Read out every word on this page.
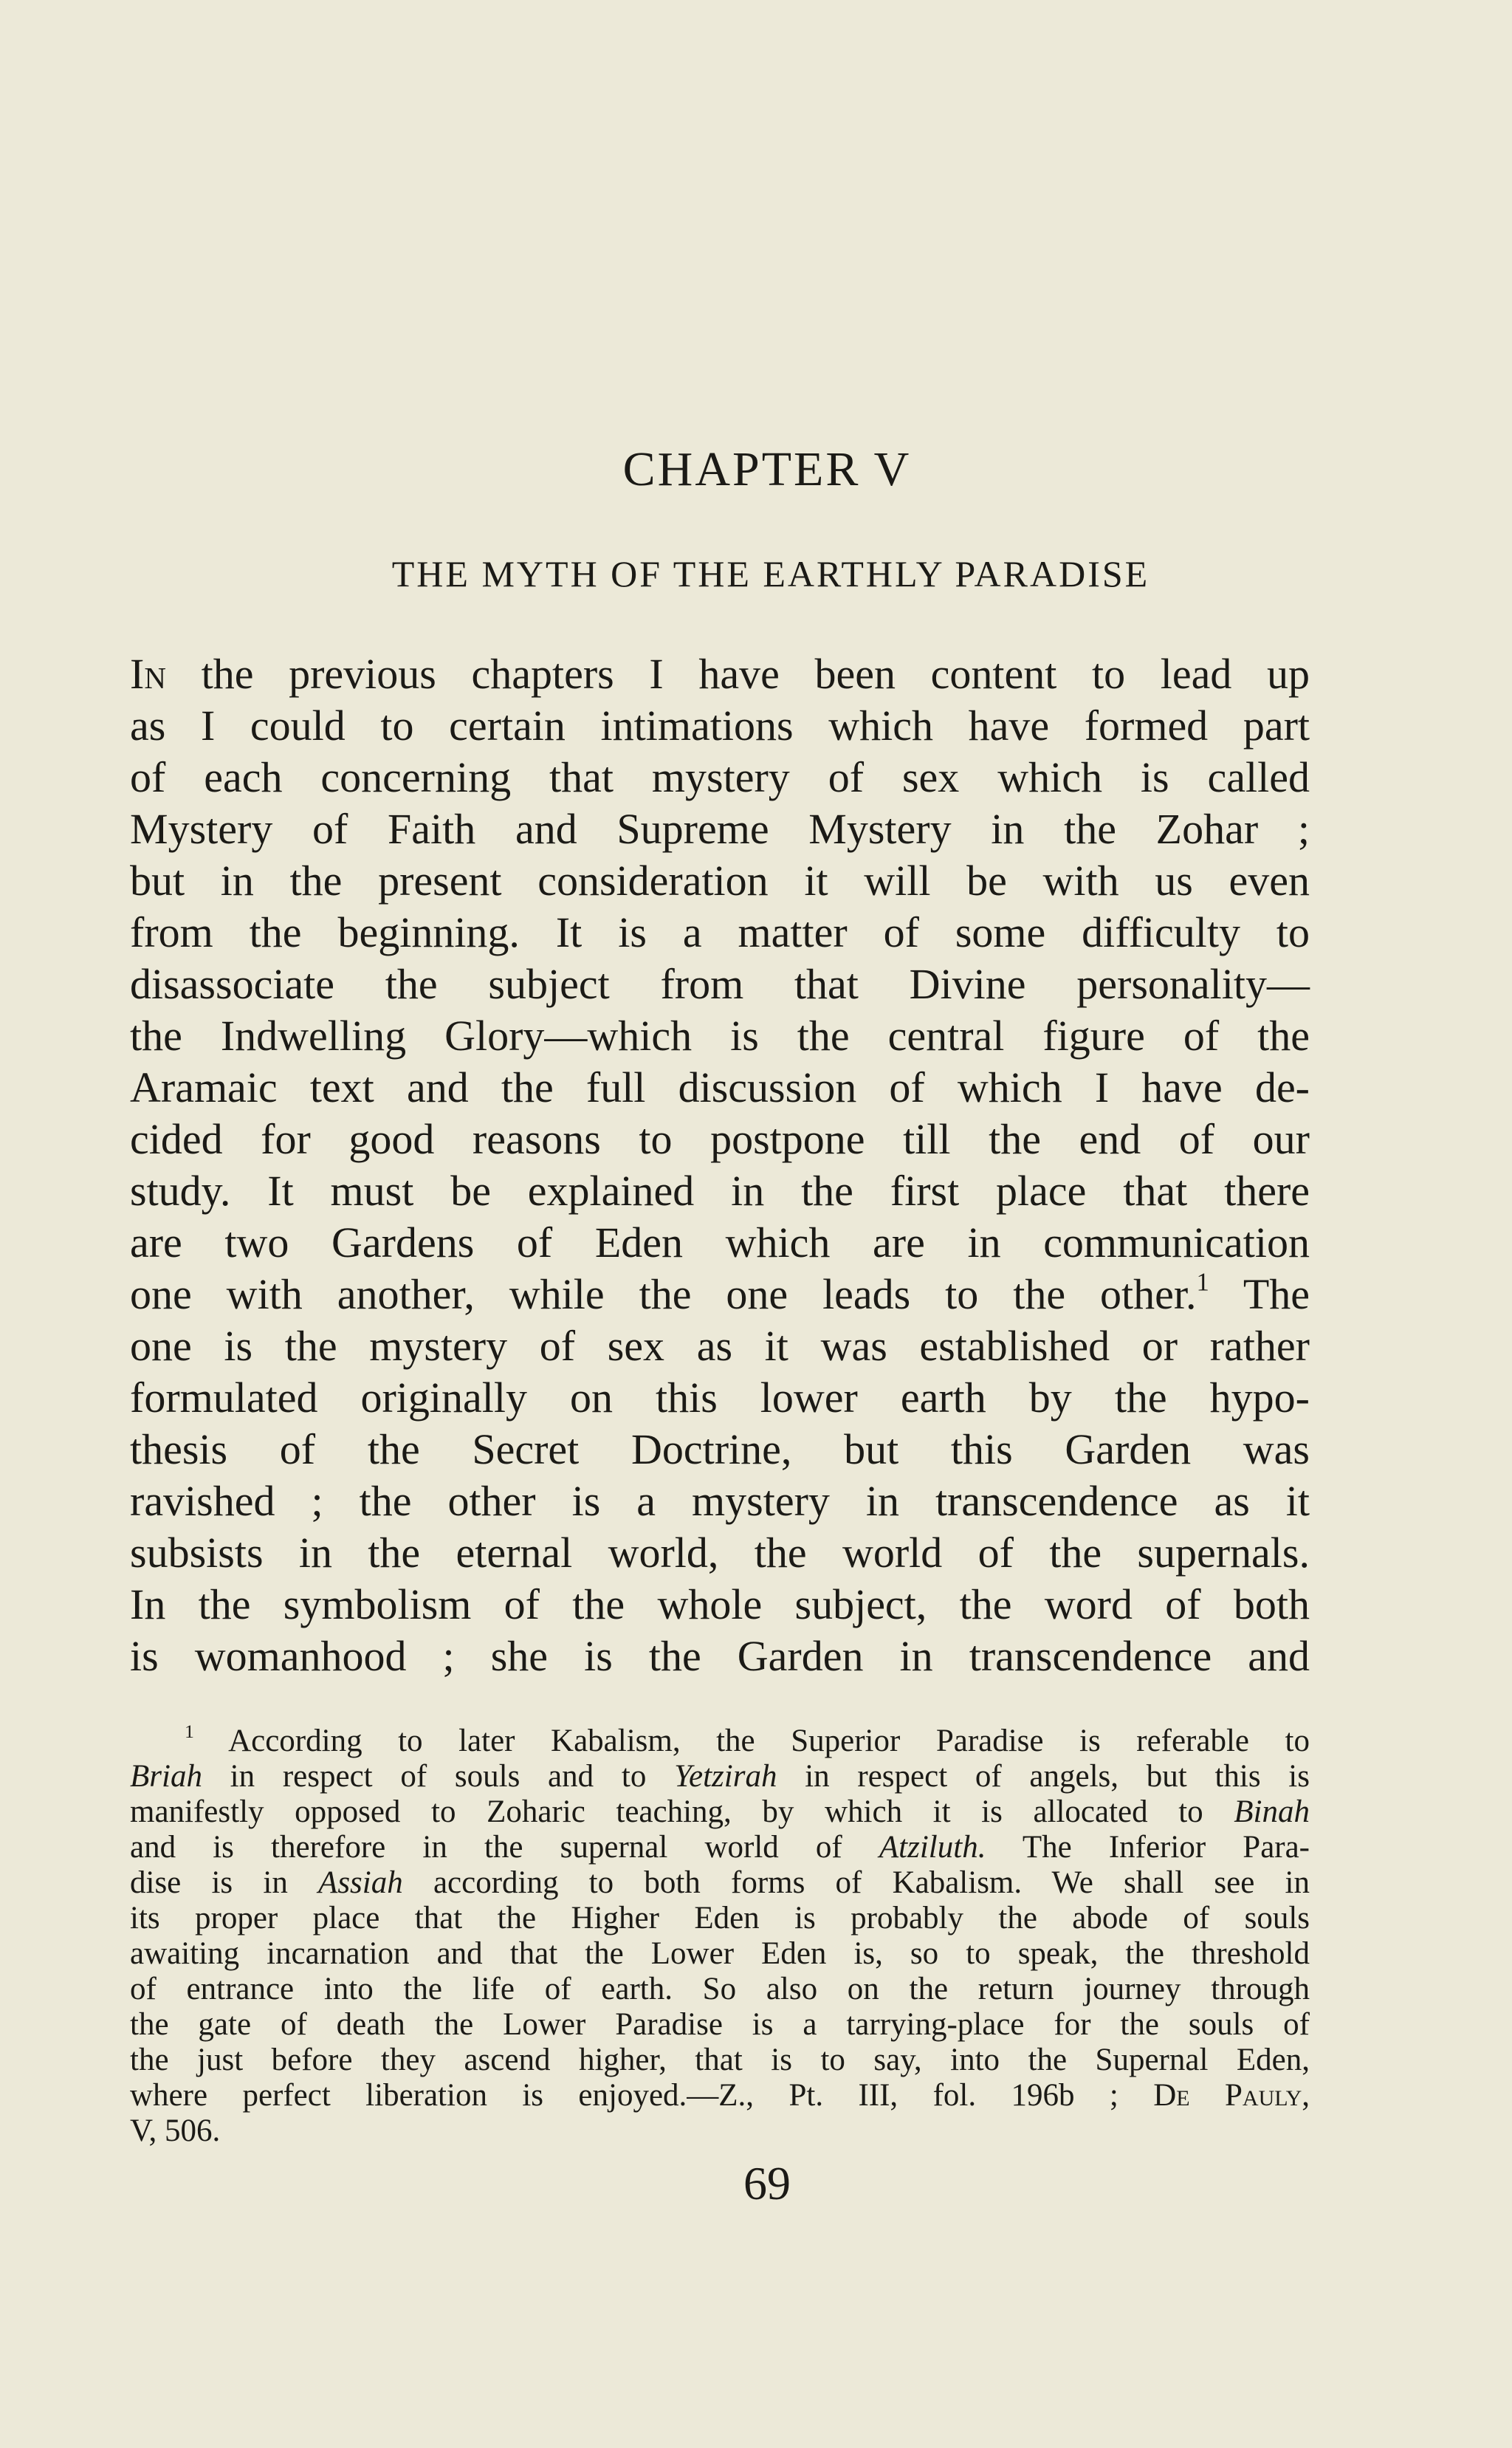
CHAPTER V
THE MYTH OF THE EARTHLY PARADISE
In the previous chapters I have been content to lead up
as I could to certain intimations which have formed part
of each concerning that mystery of sex which is called
Mystery of Faith and Supreme Mystery in the Zohar ;
but in the present consideration it will be with us even
from the beginning. It is a matter of some difficulty to
disassociate the subject from that Divine personality—
the Indwelling Glory—which is the central figure of the
Aramaic text and the full discussion of which I have de-
cided for good reasons to postpone till the end of our
study. It must be explained in the first place that there
are two Gardens of Eden which are in communication
one with another, while the one leads to the other.$^1$ The
one is the mystery of sex as it was established or rather
formulated originally on this lower earth by the hypo-
thesis of the Secret Doctrine, but this Garden was
ravished ; the other is a mystery in transcendence as it
subsists in the eternal world, the world of the supernals.
In the symbolism of the whole subject, the word of both
is womanhood ; she is the Garden in transcendence and
$^1$ According to later Kabalism, the Superior Paradise is referable to
Briah in respect of souls and to Yetzirah in respect of angels, but this is
manifestly opposed to Zoharic teaching, by which it is allocated to Binah
and is therefore in the supernal world of Atziluth. The Inferior Para-
dise is in Assiah according to both forms of Kabalism. We shall see in
its proper place that the Higher Eden is probably the abode of souls
awaiting incarnation and that the Lower Eden is, so to speak, the threshold
of entrance into the life of earth. So also on the return journey through
the gate of death the Lower Paradise is a tarrying-place for the souls of
the just before they ascend higher, that is to say, into the Supernal Eden,
where perfect liberation is enjoyed.—Z., Pt. III, fol. 196b ; De Pauly,
V, 506.
69
